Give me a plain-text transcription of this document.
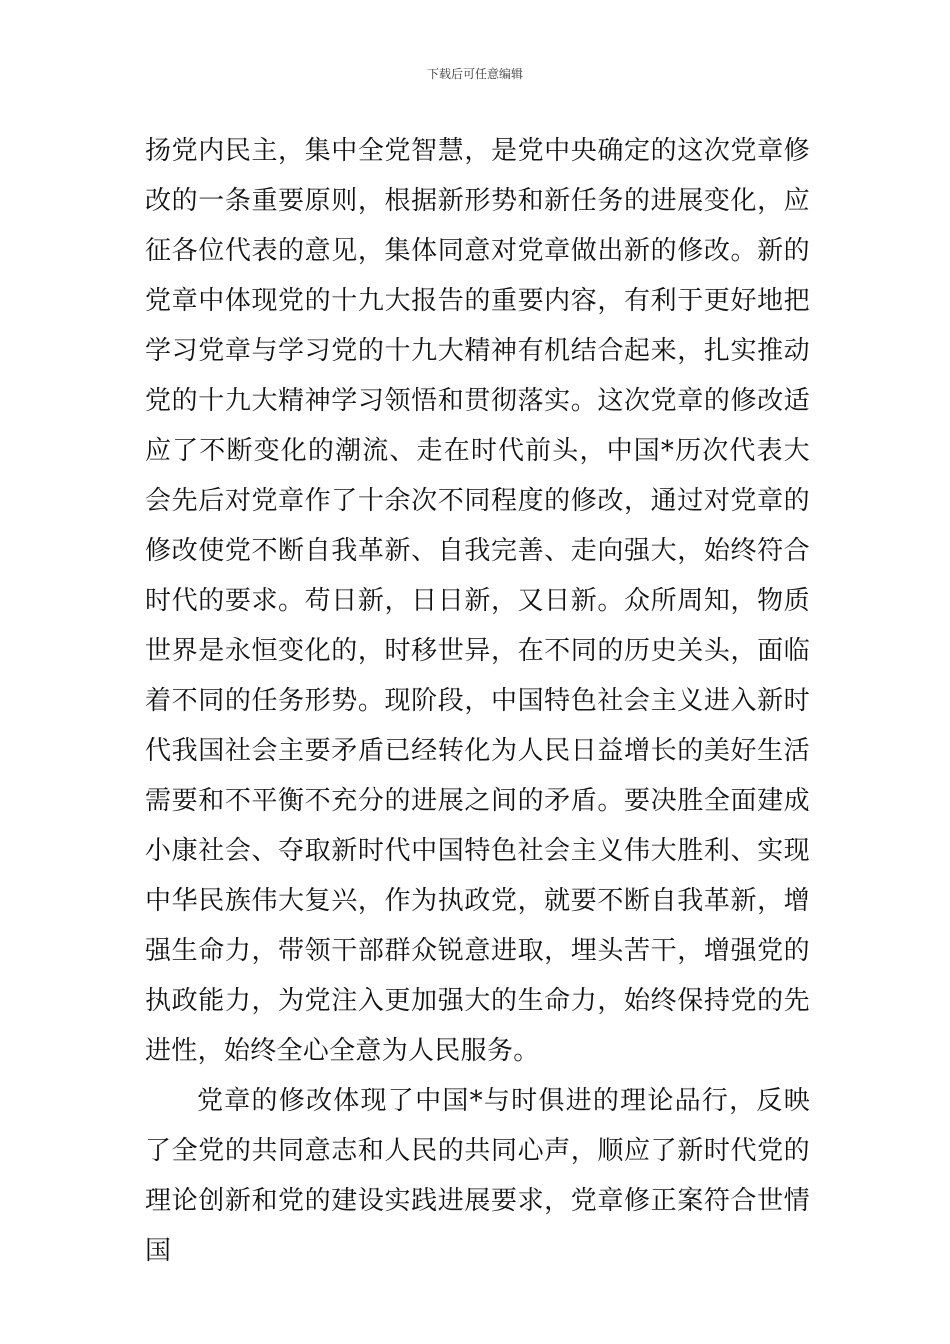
下载后可任意编辑

扬党内民主，集中全党智慧，是党中央确定的这次党章修改的一条重要原则，根据新形势和新任务的进展变化，应征各位代表的意见，集体同意对党章做出新的修改。新的党章中体现党的十九大报告的重要内容，有利于更好地把学习党章与学习党的十九大精神有机结合起来，扎实推动党的十九大精神学习领悟和贯彻落实。这次党章的修改适应了不断变化的潮流、走在时代前头，中国*历次代表大会先后对党章作了十余次不同程度的修改，通过对党章的修改使党不断自我革新、自我完善、走向强大，始终符合时代的要求。苟日新，日日新，又日新。众所周知，物质世界是永恒变化的，时移世异，在不同的历史关头，面临着不同的任务形势。现阶段，中国特色社会主义进入新时代我国社会主要矛盾已经转化为人民日益增长的美好生活需要和不平衡不充分的进展之间的矛盾。要决胜全面建成小康社会、夺取新时代中国特色社会主义伟大胜利、实现中华民族伟大复兴，作为执政党，就要不断自我革新，增强生命力，带领干部群众锐意进取，埋头苦干，增强党的执政能力，为党注入更加强大的生命力，始终保持党的先进性，始终全心全意为人民服务。

党章的修改体现了中国*与时俱进的理论品行，反映了全党的共同意志和人民的共同心声，顺应了新时代党的理论创新和党的建设实践进展要求，党章修正案符合世情国
